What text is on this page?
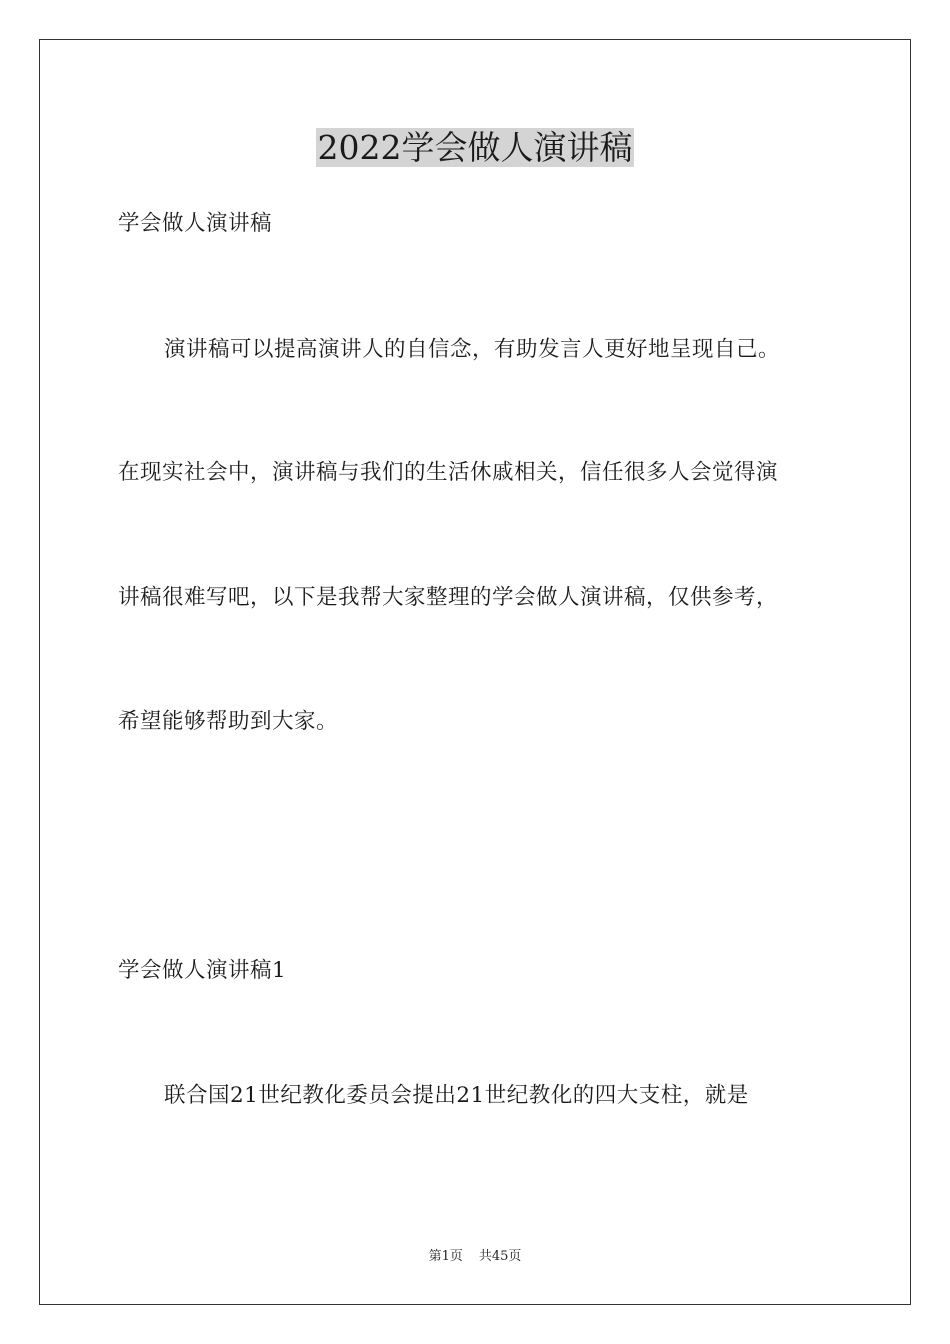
2022学会做人演讲稿

学会做人演讲稿

演讲稿可以提高演讲人的自信念，有助发言人更好地呈现自己。

在现实社会中，演讲稿与我们的生活休戚相关，信任很多人会觉得演

讲稿很难写吧，以下是我帮大家整理的学会做人演讲稿，仅供参考，

希望能够帮助到大家。

学会做人演讲稿1

联合国21世纪教化委员会提出21世纪教化的四大支柱，就是

第1页 共45页
